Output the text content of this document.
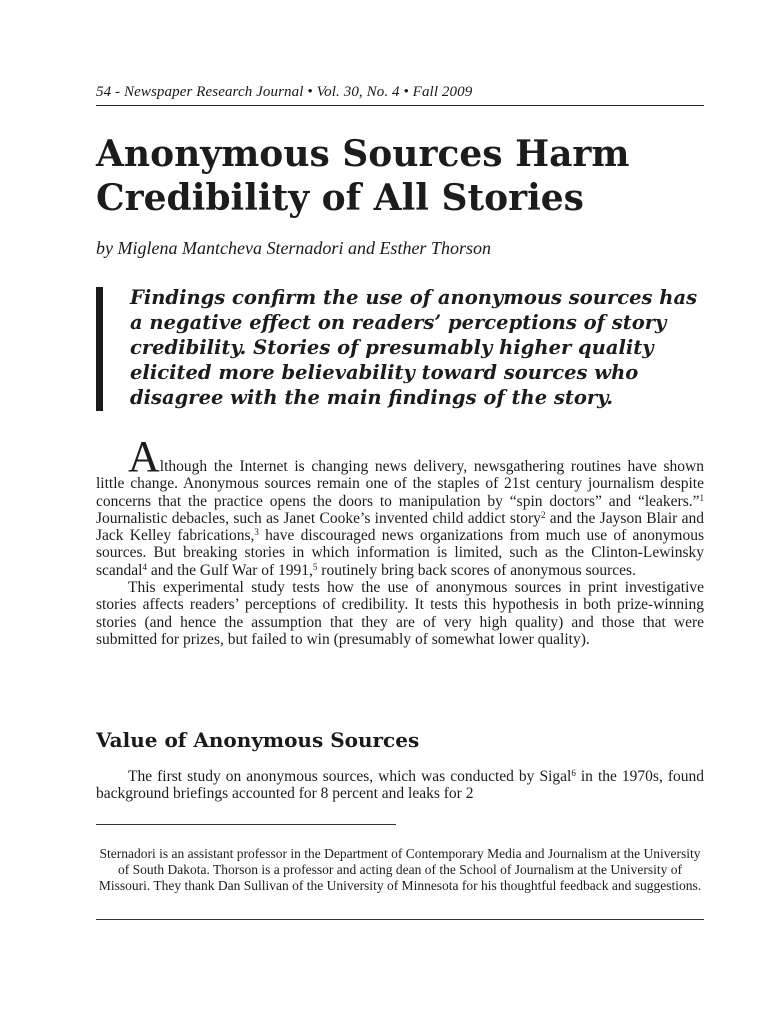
54 - Newspaper Research Journal • Vol. 30, No. 4 • Fall 2009
Anonymous Sources Harm
Credibility of All Stories
by Miglena Mantcheva Sternadori and Esther Thorson
Findings confirm the use of anonymous sources has a negative effect on readers’ perceptions of story credibility. Stories of presumably higher quality elicited more believability toward sources who disagree with the main findings of the story.

Although the Internet is changing news delivery, newsgathering routines have shown little change. Anonymous sources remain one of the staples of 21st century journalism despite concerns that the practice opens the doors to manipulation by “spin doctors” and “leakers.”$^1$ Journalistic debacles, such as Janet Cooke’s invented child addict story$^2$ and the Jayson Blair and Jack Kelley fabrications,$^3$ have discouraged news organizations from much use of anonymous sources. But breaking stories in which information is limited, such as the Clinton-Lewinsky scandal$^4$ and the Gulf War of 1991,$^5$ routinely bring back scores of anonymous sources.

This experimental study tests how the use of anonymous sources in print investigative stories affects readers’ perceptions of credibility. It tests this hypothesis in both prize-winning stories (and hence the assumption that they are of very high quality) and those that were submitted for prizes, but failed to win (presumably of somewhat lower quality).

Value of Anonymous Sources

The first study on anonymous sources, which was conducted by Sigal$^6$ in the 1970s, found background briefings accounted for 8 percent and leaks for 2

Sternadori is an assistant professor in the Department of Contemporary Media and Journalism at the University of South Dakota. Thorson is a professor and acting dean of the School of Journalism at the University of Missouri. They thank Dan Sullivan of the University of Minnesota for his thoughtful feedback and suggestions.
